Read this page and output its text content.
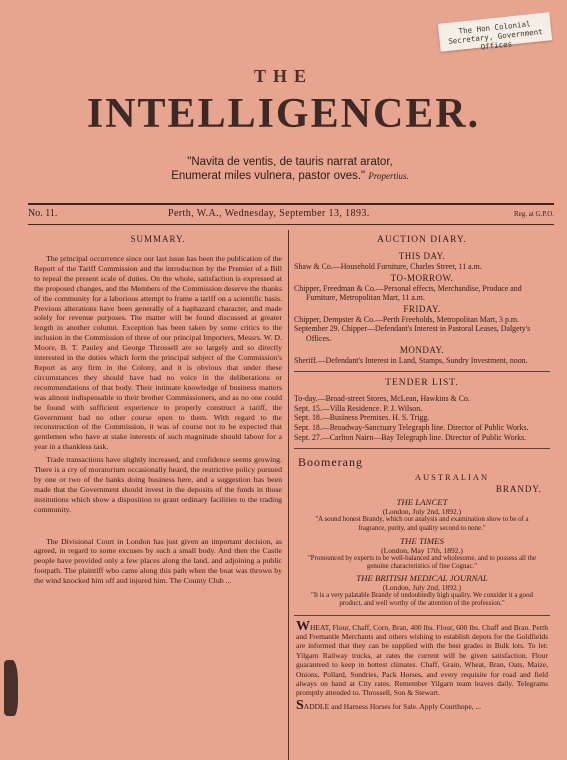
The Hon Colonial Secretary, Government Offices
THE
INTELLIGENCER.
"Navita de ventis, de tauris narrat arator,
Enumerat miles vulnera, pastor oves." Propertius.
No. 11.	Perth, W.A., Wednesday, September 13, 1893.	Reg. at G.P.O.
SUMMARY.

The principal occurrence since our last issue has been the publication of the Report of the Tariff Commission and the introduction by the Premier of a Bill to repeal the present scale of duties. On the whole, satisfaction is expressed at the proposed changes, and the Members of the Commission deserve the thanks of the community for a laborious attempt to frame a tariff on a scientific basis. Previous alterations have been generally of a haphazard character, and made solely for revenue purposes. The matter will be found discussed at greater length in another column. Exception has been taken by some critics to the inclusion in the Commission of three of our principal Importers, Messrs. W. D. Moore, B. T. Pauley and George Throssell are so largely and so directly interested in the duties which form the principal subject of the Commission's Report as any firm in the Colony, and it is obvious that under these circumstances they should have had no voice in the deliberations or recommendations of that body. Their intimate knowledge of business matters was almost indispensable to their brother Commissioners, and as no one could be found with sufficient experience to properly construct a tariff, the Government had no other course open to them. With regard to the reconstruction of the Commission, it was of course not to be expected that gentlemen who have at stake interests of such magnitude should labour for a year in a thankless task.

Trade transactions have slightly increased, and confidence seems growing. There is a cry of moratorium occasionally heard, the restrictive policy pursued by one or two of the banks doing business here, and a suggestion has been made that the Government should invest in the deposits of the funds in those institutions which show a disposition to grant ordinary facilities to the trading community.

The Divisional Court in London has just given an important decision, as agreed, in regard to some excuses by such a small body. And then the Castle people have provided only a few places along the land, and adjoining a public footpath. The plaintiff who came along this path when the boat was thrown by the wind knocked him off and injured him. The County Club ...

AUCTION DIARY.
THIS DAY.
Shaw & Co.—Household Furniture, Charles Street, 11 a.m.
TO-MORROW.
Chipper, Freedman & Co.—Personal effects, Merchandise, Produce and Furniture, Metropolitan Mart, 11 a.m.
FRIDAY.
Chipper, Dempster & Co.—Perth Freeholds, Metropolitan Mart, 3 p.m.
September 29. Chipper—Defendant's Interest in Pastoral Leases, Dalgety's Offices.
MONDAY.
Sheriff.—Defendant's Interest in Land, Stamps, Sundry Investment, noon.
TENDER LIST.
To-day.—Broad-street Stores, McLean, Hawkins & Co.
Sept. 15.—Villa Residence. P. J. Wilson.
Sept. 18.—Business Premises. H. S. Trigg.
Sept. 18.—Broadway-Sanctuary Telegraph line. Director of Public Works.
Sept. 27.—Carlton Nairn—Bay Telegraph line. Director of Public Works.
Boomerang
AUSTRALIAN
BRANDY.
THE LANCET
(London, July 2nd, 1892.)
"A sound honest Brandy, which our analysis and examination show to be of a fragrance, purity, and quality second to none."
THE TIMES
(London, May 17th, 1892.)
"Pronounced by experts to be well-balanced and wholesome, and to possess all the genuine characteristics of fine Cognac."
THE BRITISH MEDICAL JOURNAL
(London, July 2nd, 1892.)
"It is a very palatable Brandy of undoubtedly high quality. We consider it a good product, and well worthy of the attention of the profession."
WHEAT, Flour, Chaff, Corn, Bran, 400 lbs. Flour, 600 lbs. Chaff and Bran. Perth and Fremantle Merchants and others wishing to establish depots for the Goldfields are informed that they can be supplied with the best grades in Bulk lots. To let: Yilgarn Railway trucks, at rates the current will be given satisfaction. Flour guaranteed to keep in hottest climates. Chaff, Grain, Wheat, Bran, Oats, Maize, Onions, Pollard, Sundries, Pack Horses, and every requisite for road and field always on hand at City rates. Remember Yilgarn team leaves daily. Telegrams promptly attended to. Throssell, Son & Stewart.
SADDLE and Harness Horses for Sale. Apply Courthope, ...
